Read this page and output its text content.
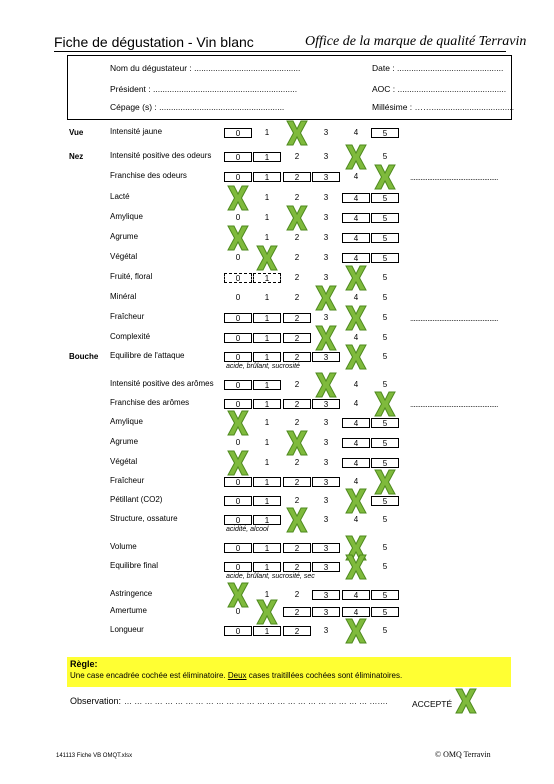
Fiche de dégustation - Vin blanc	Office de la marque de qualité Terravin
Nom du dégustateur : .............................................	Date : .............................................
Président : .............................................................	AOC : ..............................................
Cépage (s) : .....................................................	Millésime : ……...................................
Vue
Nez
Bouche
Intensité jaune	0	1	3	4	5
Intensité positive des odeurs	0	1	2	3	5
Franchise des odeurs	0	1	2	3	4	...................................................
Lacté	1	2	3	4	5
Amylique	0	1	3	4	5
Agrume	1	2	3	4	5
Végétal	0	2	3	4	5
Fruité, floral	0	1	2	3	5
Minéral	0	1	2	4	5
Fraîcheur	0	1	2	3	5	...................................................
Complexité	0	1	2	4	5
Equilibre de l'attaque	0	1	2	3	5
acide, brûlant, sucrosité
Intensité positive des arômes	0	1	2	4	5
Franchise des arômes	0	1	2	3	4	...................................................
Amylique	1	2	3	4	5
Agrume	0	1	3	4	5
Végétal	1	2	3	4	5
Fraîcheur	0	1	2	3	4
Pétillant (CO2)	0	1	2	3	5
Structure, ossature	0	1	3	4	5
acidité, alcool
Volume	0	1	2	3	5
Equilibre final	0	1	2	3	5
acide, brûlant, sucrosité, sec
Astringence	1	2	3	4	5
Amertume	0	2	3	4	5
Longueur	0	1	2	3	5
Règle:
Une case encadrée cochée est éliminatoire. Deux cases traitillées cochées sont éliminatoires.
Observation: … … … … … … … … … … … … … … … … … … … … … … … … …….	ACCEPTÉ
141113 Fiche VB OMQT.xlsx	© OMQ Terravin
